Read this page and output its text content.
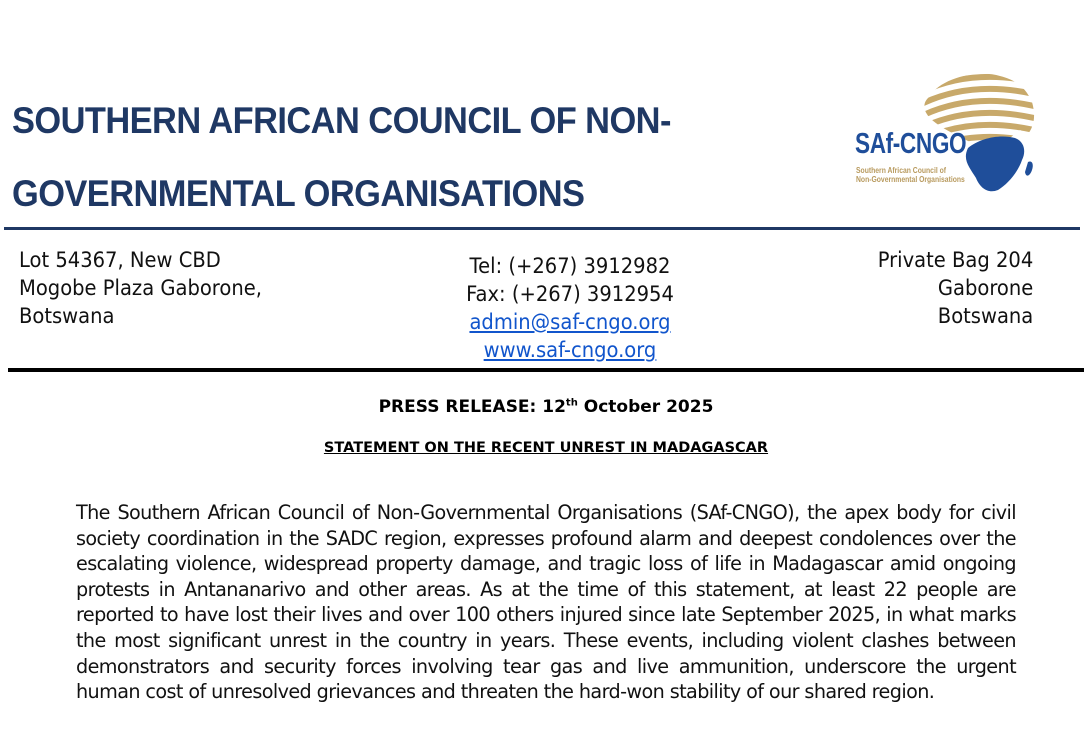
SOUTHERN AFRICAN COUNCIL OF NON-
GOVERNMENTAL ORGANISATIONS
SAf-CNGO
Southern African Council of
Non-Governmental Organisations
Lot 54367, New CBD
Mogobe Plaza Gaborone,
Botswana
Tel: (+267) 3912982
Fax: (+267) 3912954
admin@saf-cngo.org
www.saf-cngo.org
Private Bag 204
Gaborone
Botswana
PRESS RELEASE: 12th October 2025
STATEMENT ON THE RECENT UNREST IN MADAGASCAR

The Southern African Council of Non-Governmental Organisations (SAf-CNGO), the apex body for civil society coordination in the SADC region, expresses profound alarm and deepest condolences over the escalating violence, widespread property damage, and tragic loss of life in Madagascar amid ongoing protests in Antananarivo and other areas. As at the time of this statement, at least 22 people are reported to have lost their lives and over 100 others injured since late September 2025, in what marks the most significant unrest in the country in years. These events, including violent clashes between demonstrators and security forces involving tear gas and live ammunition, underscore the urgent human cost of unresolved grievances and threaten the hard-won stability of our shared region.
